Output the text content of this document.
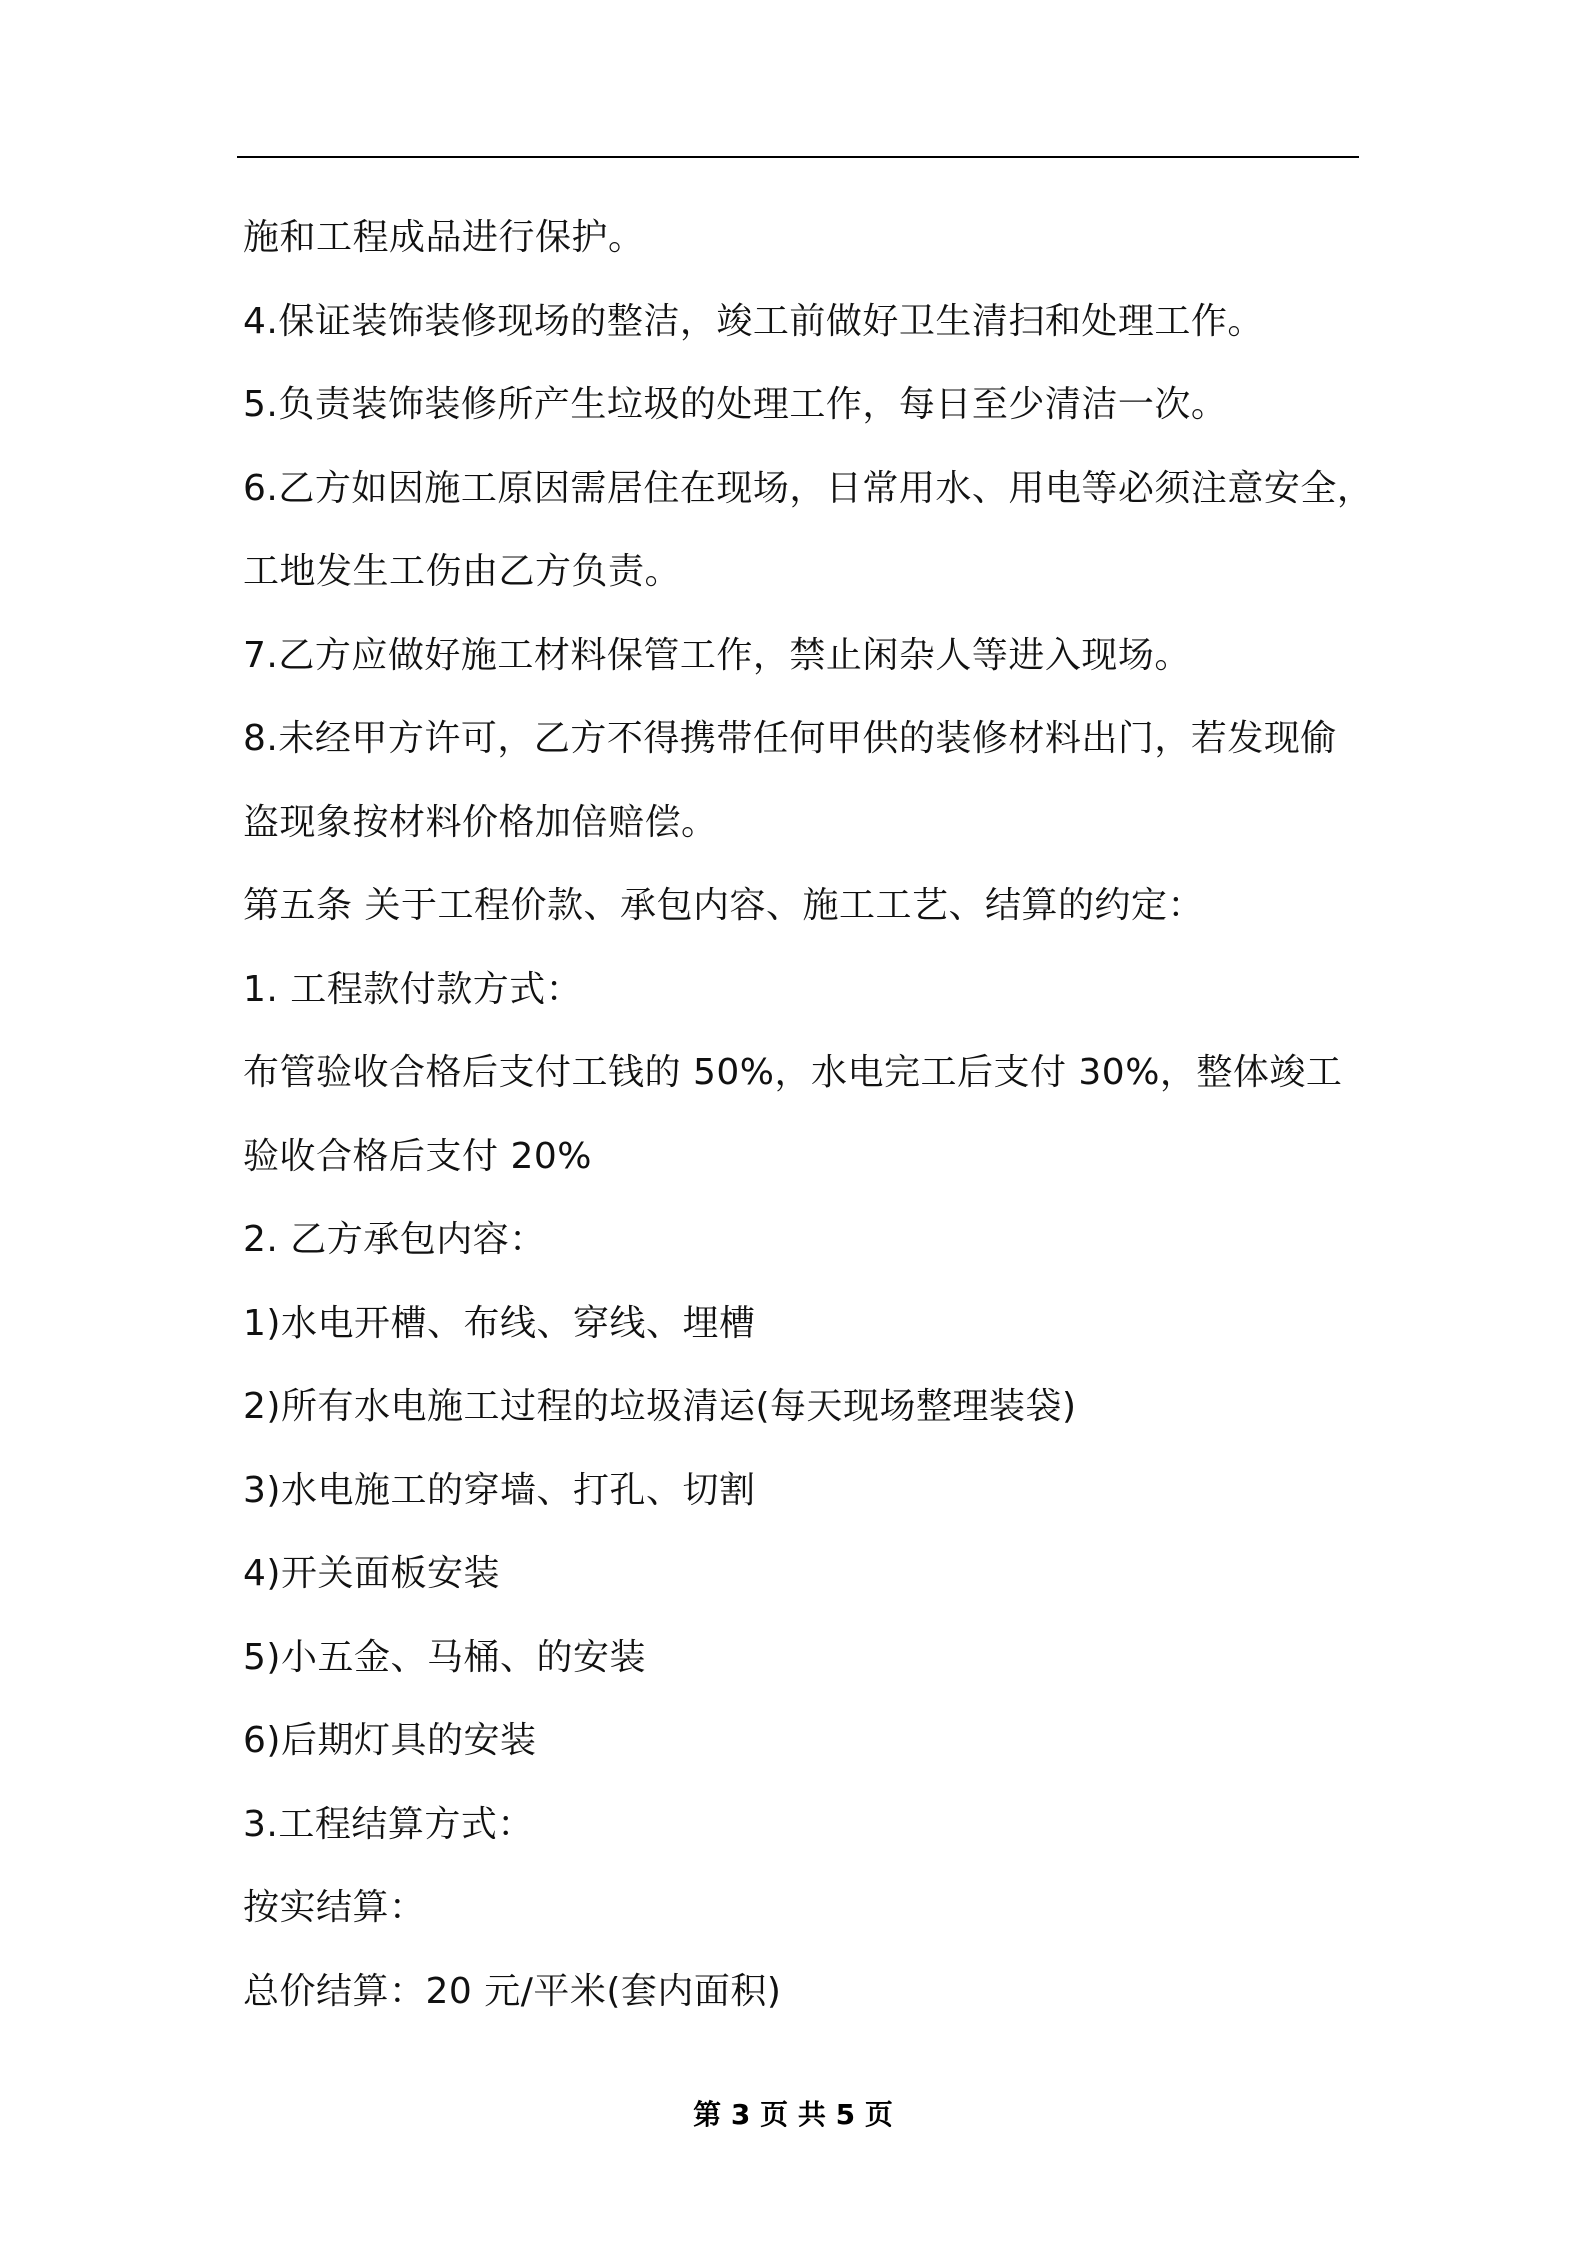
施和工程成品进行保护。
4.保证装饰装修现场的整洁，竣工前做好卫生清扫和处理工作。
5.负责装饰装修所产生垃圾的处理工作，每日至少清洁一次。
6.乙方如因施工原因需居住在现场，日常用水、用电等必须注意安全，
工地发生工伤由乙方负责。
7.乙方应做好施工材料保管工作，禁止闲杂人等进入现场。
8.未经甲方许可，乙方不得携带任何甲供的装修材料出门，若发现偷
盗现象按材料价格加倍赔偿。
第五条 关于工程价款、承包内容、施工工艺、结算的约定：
1. 工程款付款方式：
布管验收合格后支付工钱的 50%，水电完工后支付 30%，整体竣工
验收合格后支付 20%
2. 乙方承包内容：
1)水电开槽、布线、穿线、埋槽
2)所有水电施工过程的垃圾清运(每天现场整理装袋)
3)水电施工的穿墙、打孔、切割
4)开关面板安装
5)小五金、马桶、的安装
6)后期灯具的安装
3.工程结算方式：
按实结算：
总价结算：20 元/平米(套内面积)
第 3 页 共 5 页
